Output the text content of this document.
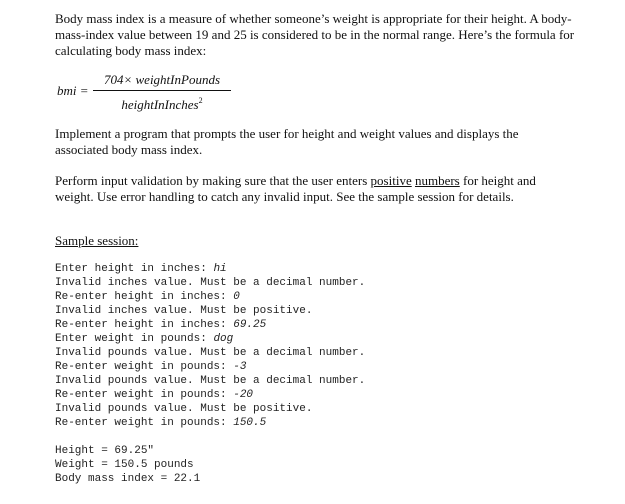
Body mass index is a measure of whether someone’s weight is appropriate for their height. A body-mass-index value between 19 and 25 is considered to be in the normal range. Here’s the formula for calculating body mass index:

bmi =
704× weightInPounds
heightInInches$^2$

Implement a program that prompts the user for height and weight values and displays the associated body mass index.

Perform input validation by making sure that the user enters positive numbers for height and weight. Use error handling to catch any invalid input. See the sample session for details.

Sample session:

Enter height in inches: hi
Invalid inches value. Must be a decimal number.
Re-enter height in inches: 0
Invalid inches value. Must be positive.
Re-enter height in inches: 69.25
Enter weight in pounds: dog
Invalid pounds value. Must be a decimal number.
Re-enter weight in pounds: -3
Invalid pounds value. Must be a decimal number.
Re-enter weight in pounds: -20
Invalid pounds value. Must be positive.
Re-enter weight in pounds: 150.5
Height = 69.25"
Weight = 150.5 pounds
Body mass index = 22.1
